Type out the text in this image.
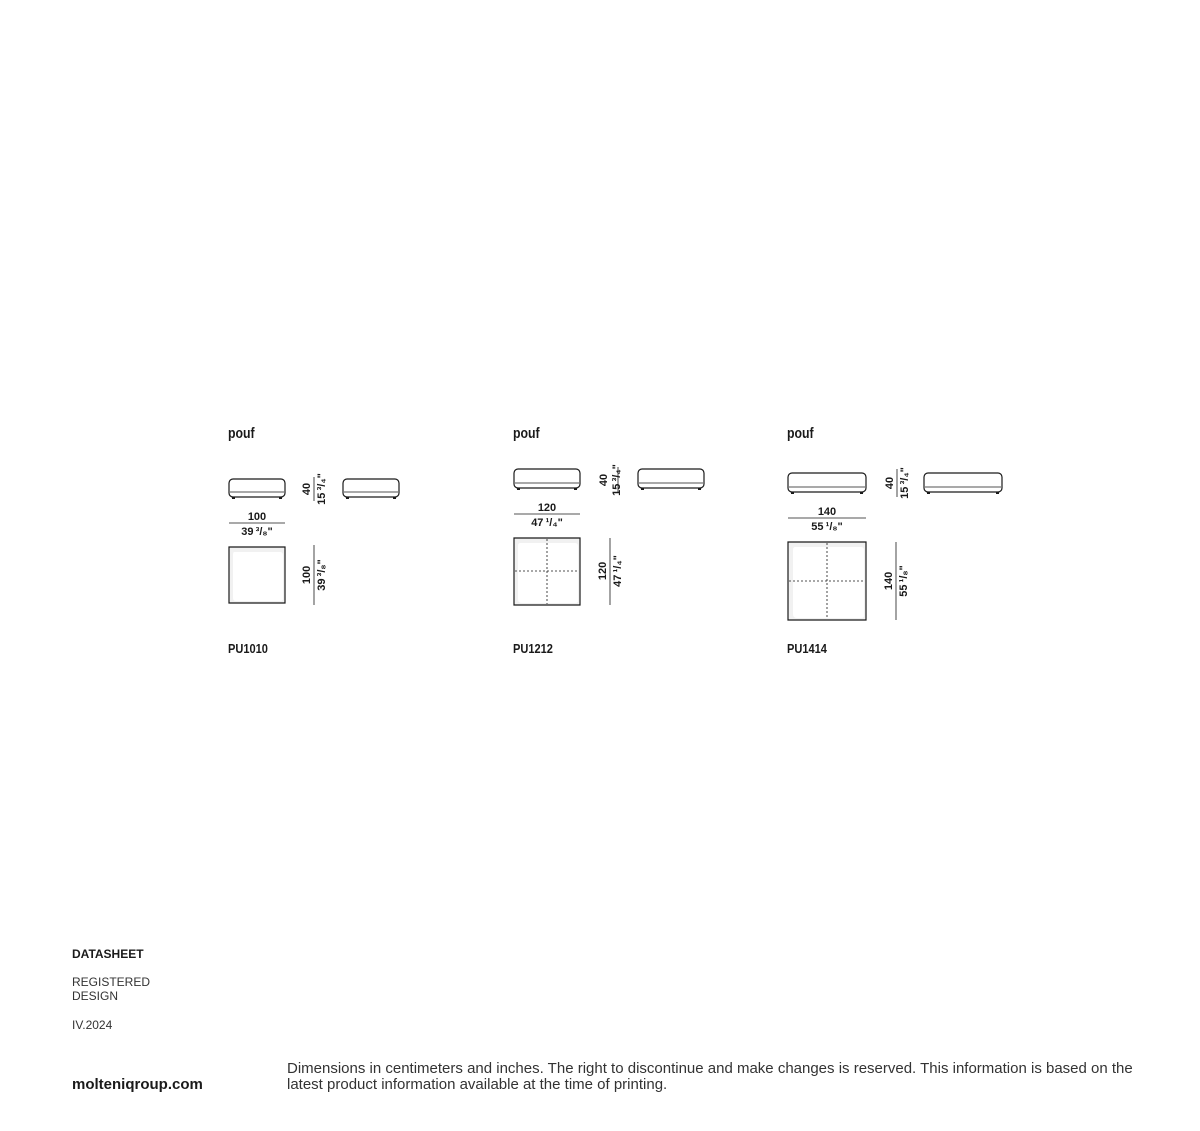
pouf
40 15 ³/₄"
100
39 ³/₈"
100 39 ³/₈"
PU1010
pouf
40 15 ³/₄"
120
47 ¹/₄"
120 47 ¹/₄"
PU1212
pouf
40 15 ³/₄"
140
55 ¹/₈"
140 55 ¹/₈"
PU1414
DATASHEET
REGISTERED
DESIGN
IV.2024
molteniqroup.com
Dimensions in centimeters and inches. The right to discontinue and make changes is reserved. This information is based on the latest product information available at the time of printing.
